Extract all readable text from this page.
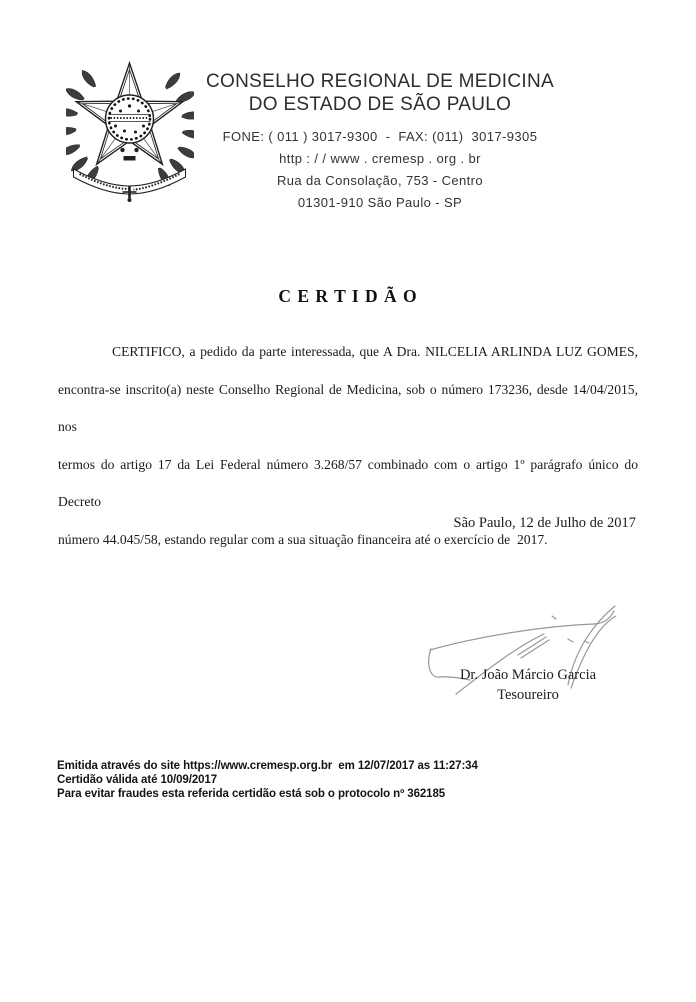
CONSELHO REGIONAL DE MEDICINA
DO ESTADO DE SÃO PAULO
FONE: ( 011 ) 3017-9300  -  FAX: (011)  3017-9305
http : / / www . cremesp . org . br
Rua da Consolação, 753 - Centro
01301-910 São Paulo - SP
C E R T I D Ã O
CERTIFICO, a pedido da parte interessada, que A Dra. NILCELIA ARLINDA LUZ GOMES,
encontra-se inscrito(a) neste Conselho Regional de Medicina, sob o número 173236, desde 14/04/2015, nos
termos do artigo 17 da Lei Federal número 3.268/57 combinado com o artigo 1º parágrafo único do Decreto
número 44.045/58, estando regular com a sua situação financeira até o exercício de  2017.
São Paulo, 12 de Julho de 2017
Dr. João Márcio Garcia
Tesoureiro
Emitida através do site https://www.cremesp.org.br  em 12/07/2017 as 11:27:34
Certidão válida até 10/09/2017
Para evitar fraudes esta referida certidão está sob o protocolo nº 362185
